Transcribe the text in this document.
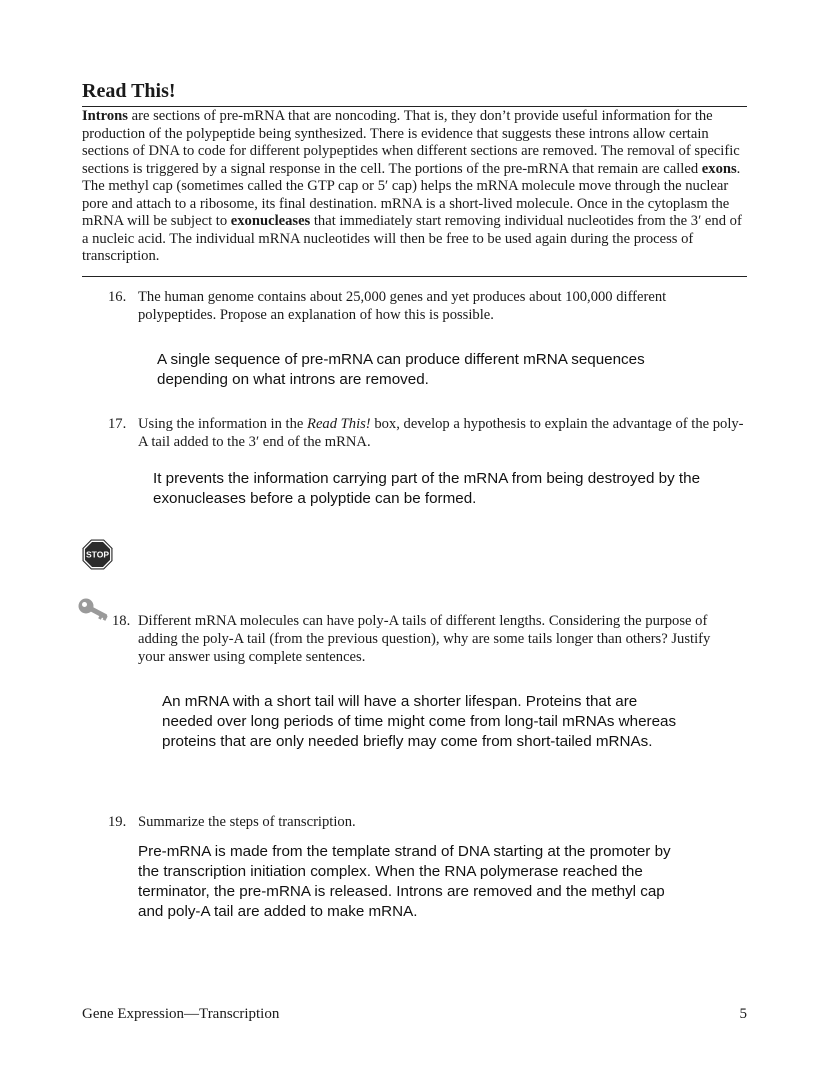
Read This!

Introns are sections of pre-mRNA that are noncoding. That is, they don’t provide useful information for the production of the polypeptide being synthesized. There is evidence that suggests these introns allow certain sections of DNA to code for different polypeptides when different sections are removed. The removal of specific sections is triggered by a signal response in the cell. The portions of the pre-mRNA that remain are called exons. The methyl cap (sometimes called the GTP cap or 5′ cap) helps the mRNA molecule move through the nuclear pore and attach to a ribosome, its final destination. mRNA is a short-lived molecule. Once in the cytoplasm the mRNA will be subject to exonucleases that immediately start removing individual nucleotides from the 3′ end of a nucleic acid. The individual mRNA nucleotides will then be free to be used again during the process of transcription.

16. The human genome contains about 25,000 genes and yet produces about 100,000 different polypeptides. Propose an explanation of how this is possible.

A single sequence of pre-mRNA can produce different mRNA sequences depending on what introns are removed.

17. Using the information in the Read This! box, develop a hypothesis to explain the advantage of the poly-A tail added to the 3′ end of the mRNA.

It prevents the information carrying part of the mRNA from being destroyed by the exonucleases before a polyptide can be formed.

STOP

18. Different mRNA molecules can have poly-A tails of different lengths. Considering the purpose of adding the poly-A tail (from the previous question), why are some tails longer than others? Justify your answer using complete sentences.

An mRNA with a short tail will have a shorter lifespan. Proteins that are needed over long periods of time might come from long-tail mRNAs whereas proteins that are only needed briefly may come from short-tailed mRNAs.

19. Summarize the steps of transcription.

Pre-mRNA is made from the template strand of DNA starting at the promoter by the transcription initiation complex. When the RNA polymerase reached the terminator, the pre-mRNA is released. Introns are removed and the methyl cap and poly-A tail are added to make mRNA.

Gene Expression—Transcription	5
